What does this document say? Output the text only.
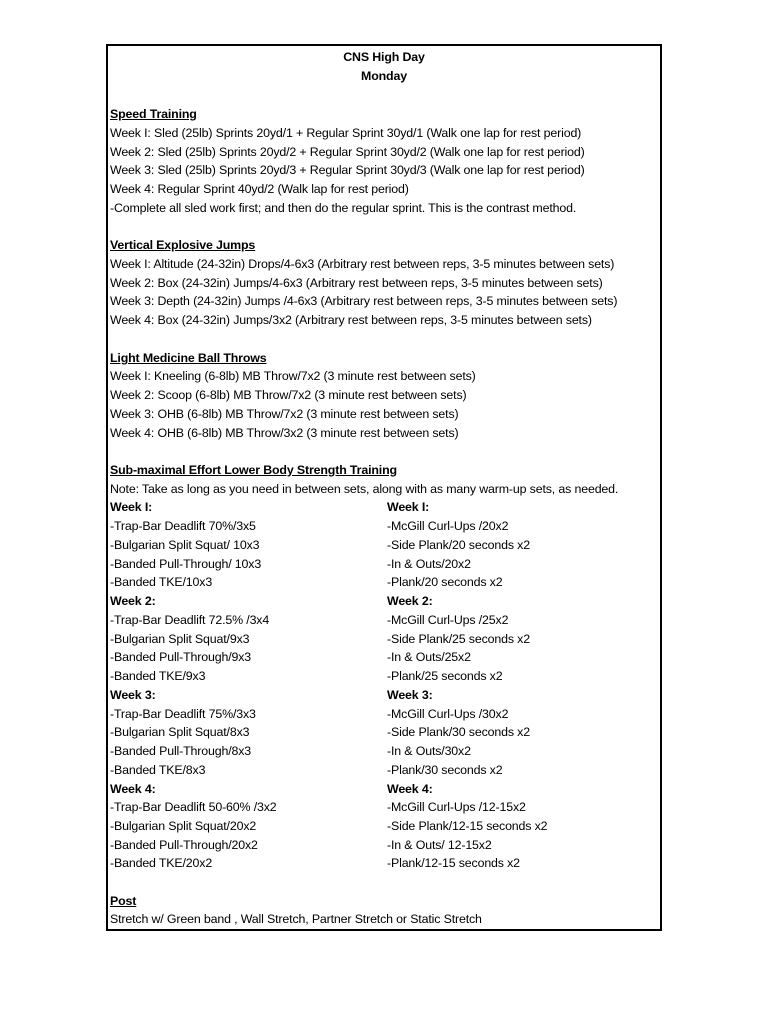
CNS High Day
Monday
Speed Training
Week I: Sled (25lb) Sprints 20yd/1 + Regular Sprint 30yd/1 (Walk one lap for rest period)
Week 2: Sled (25lb) Sprints 20yd/2 + Regular Sprint 30yd/2 (Walk one lap for rest period)
Week 3: Sled (25lb) Sprints 20yd/3 + Regular Sprint 30yd/3 (Walk one lap for rest period)
Week 4: Regular Sprint 40yd/2 (Walk lap for rest period)
-Complete all sled work first; and then do the regular sprint. This is the contrast method.
Vertical Explosive Jumps
Week I: Altitude (24-32in) Drops/4-6x3 (Arbitrary rest between reps, 3-5 minutes between sets)
Week 2: Box (24-32in) Jumps/4-6x3 (Arbitrary rest between reps, 3-5 minutes between sets)
Week 3: Depth (24-32in) Jumps /4-6x3 (Arbitrary rest between reps, 3-5 minutes between sets)
Week 4: Box (24-32in) Jumps/3x2 (Arbitrary rest between reps, 3-5 minutes between sets)
Light Medicine Ball Throws
Week I: Kneeling (6-8lb) MB Throw/7x2 (3 minute rest between sets)
Week 2: Scoop (6-8lb) MB Throw/7x2 (3 minute rest between sets)
Week 3: OHB (6-8lb) MB Throw/7x2 (3 minute rest between sets)
Week 4: OHB (6-8lb) MB Throw/3x2 (3 minute rest between sets)
Sub-maximal Effort Lower Body Strength Training
Note: Take as long as you need in between sets, along with as many warm-up sets, as needed.
Week I:
-Trap-Bar Deadlift 70%/3x5
-Bulgarian Split Squat/ 10x3
-Banded Pull-Through/ 10x3
-Banded TKE/10x3
Week 2:
-Trap-Bar Deadlift 72.5% /3x4
-Bulgarian Split Squat/9x3
-Banded Pull-Through/9x3
-Banded TKE/9x3
Week 3:
-Trap-Bar Deadlift 75%/3x3
-Bulgarian Split Squat/8x3
-Banded Pull-Through/8x3
-Banded TKE/8x3
Week 4:
-Trap-Bar Deadlift 50-60% /3x2
-Bulgarian Split Squat/20x2
-Banded Pull-Through/20x2
-Banded TKE/20x2
Week I:
-McGill Curl-Ups /20x2
-Side Plank/20 seconds x2
-In & Outs/20x2
-Plank/20 seconds x2
Week 2:
-McGill Curl-Ups /25x2
-Side Plank/25 seconds x2
-In & Outs/25x2
-Plank/25 seconds x2
Week 3:
-McGill Curl-Ups /30x2
-Side Plank/30 seconds x2
-In & Outs/30x2
-Plank/30 seconds x2
Week 4:
-McGill Curl-Ups /12-15x2
-Side Plank/12-15 seconds x2
-In & Outs/ 12-15x2
-Plank/12-15 seconds x2
Post
Stretch w/ Green band , Wall Stretch, Partner Stretch or Static Stretch
